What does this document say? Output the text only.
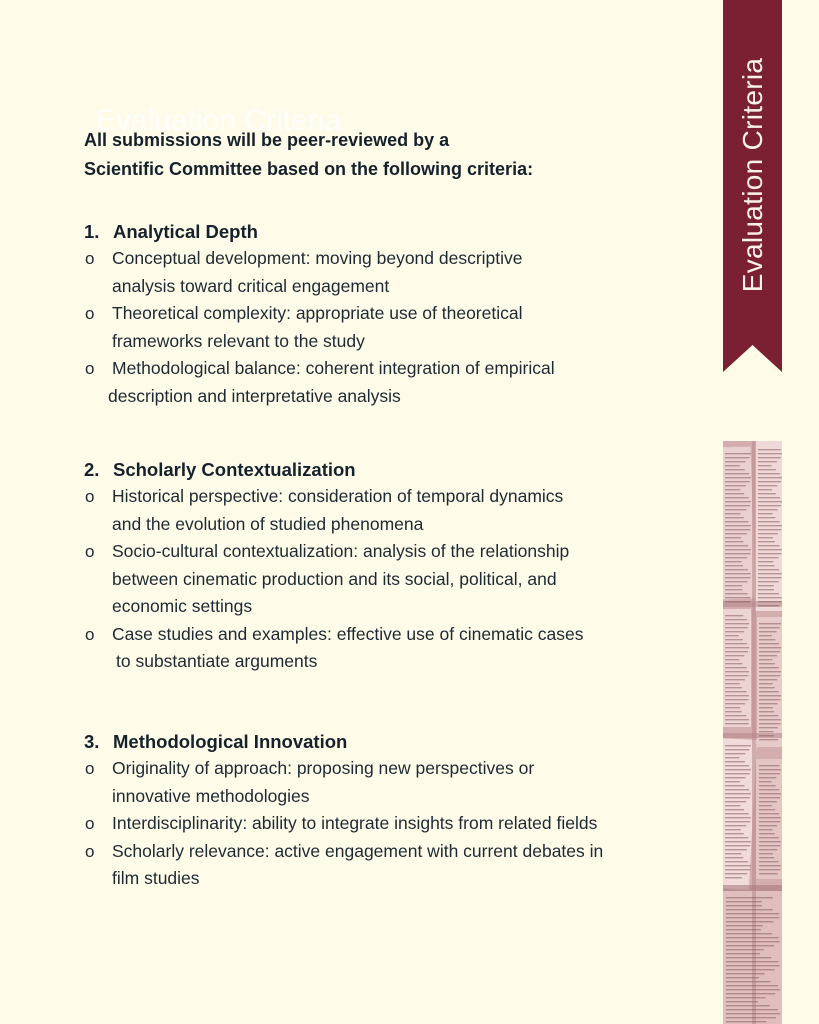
Evaluation Criteria
All submissions will be peer-reviewed by a
Scientific Committee based on the following criteria:
1. Analytical Depth
o Conceptual development: moving beyond descriptive
analysis toward critical engagement
o Theoretical complexity: appropriate use of theoretical
frameworks relevant to the study
o Methodological balance: coherent integration of empirical
description and interpretative analysis
2. Scholarly Contextualization
o Historical perspective: consideration of temporal dynamics
and the evolution of studied phenomena
o Socio-cultural contextualization: analysis of the relationship
between cinematic production and its social, political, and
economic settings
o Case studies and examples: effective use of cinematic cases
to substantiate arguments
3. Methodological Innovation
o Originality of approach: proposing new perspectives or
innovative methodologies
o Interdisciplinarity: ability to integrate insights from related fields
o Scholarly relevance: active engagement with current debates in
film studies
Evaluation Criteria
